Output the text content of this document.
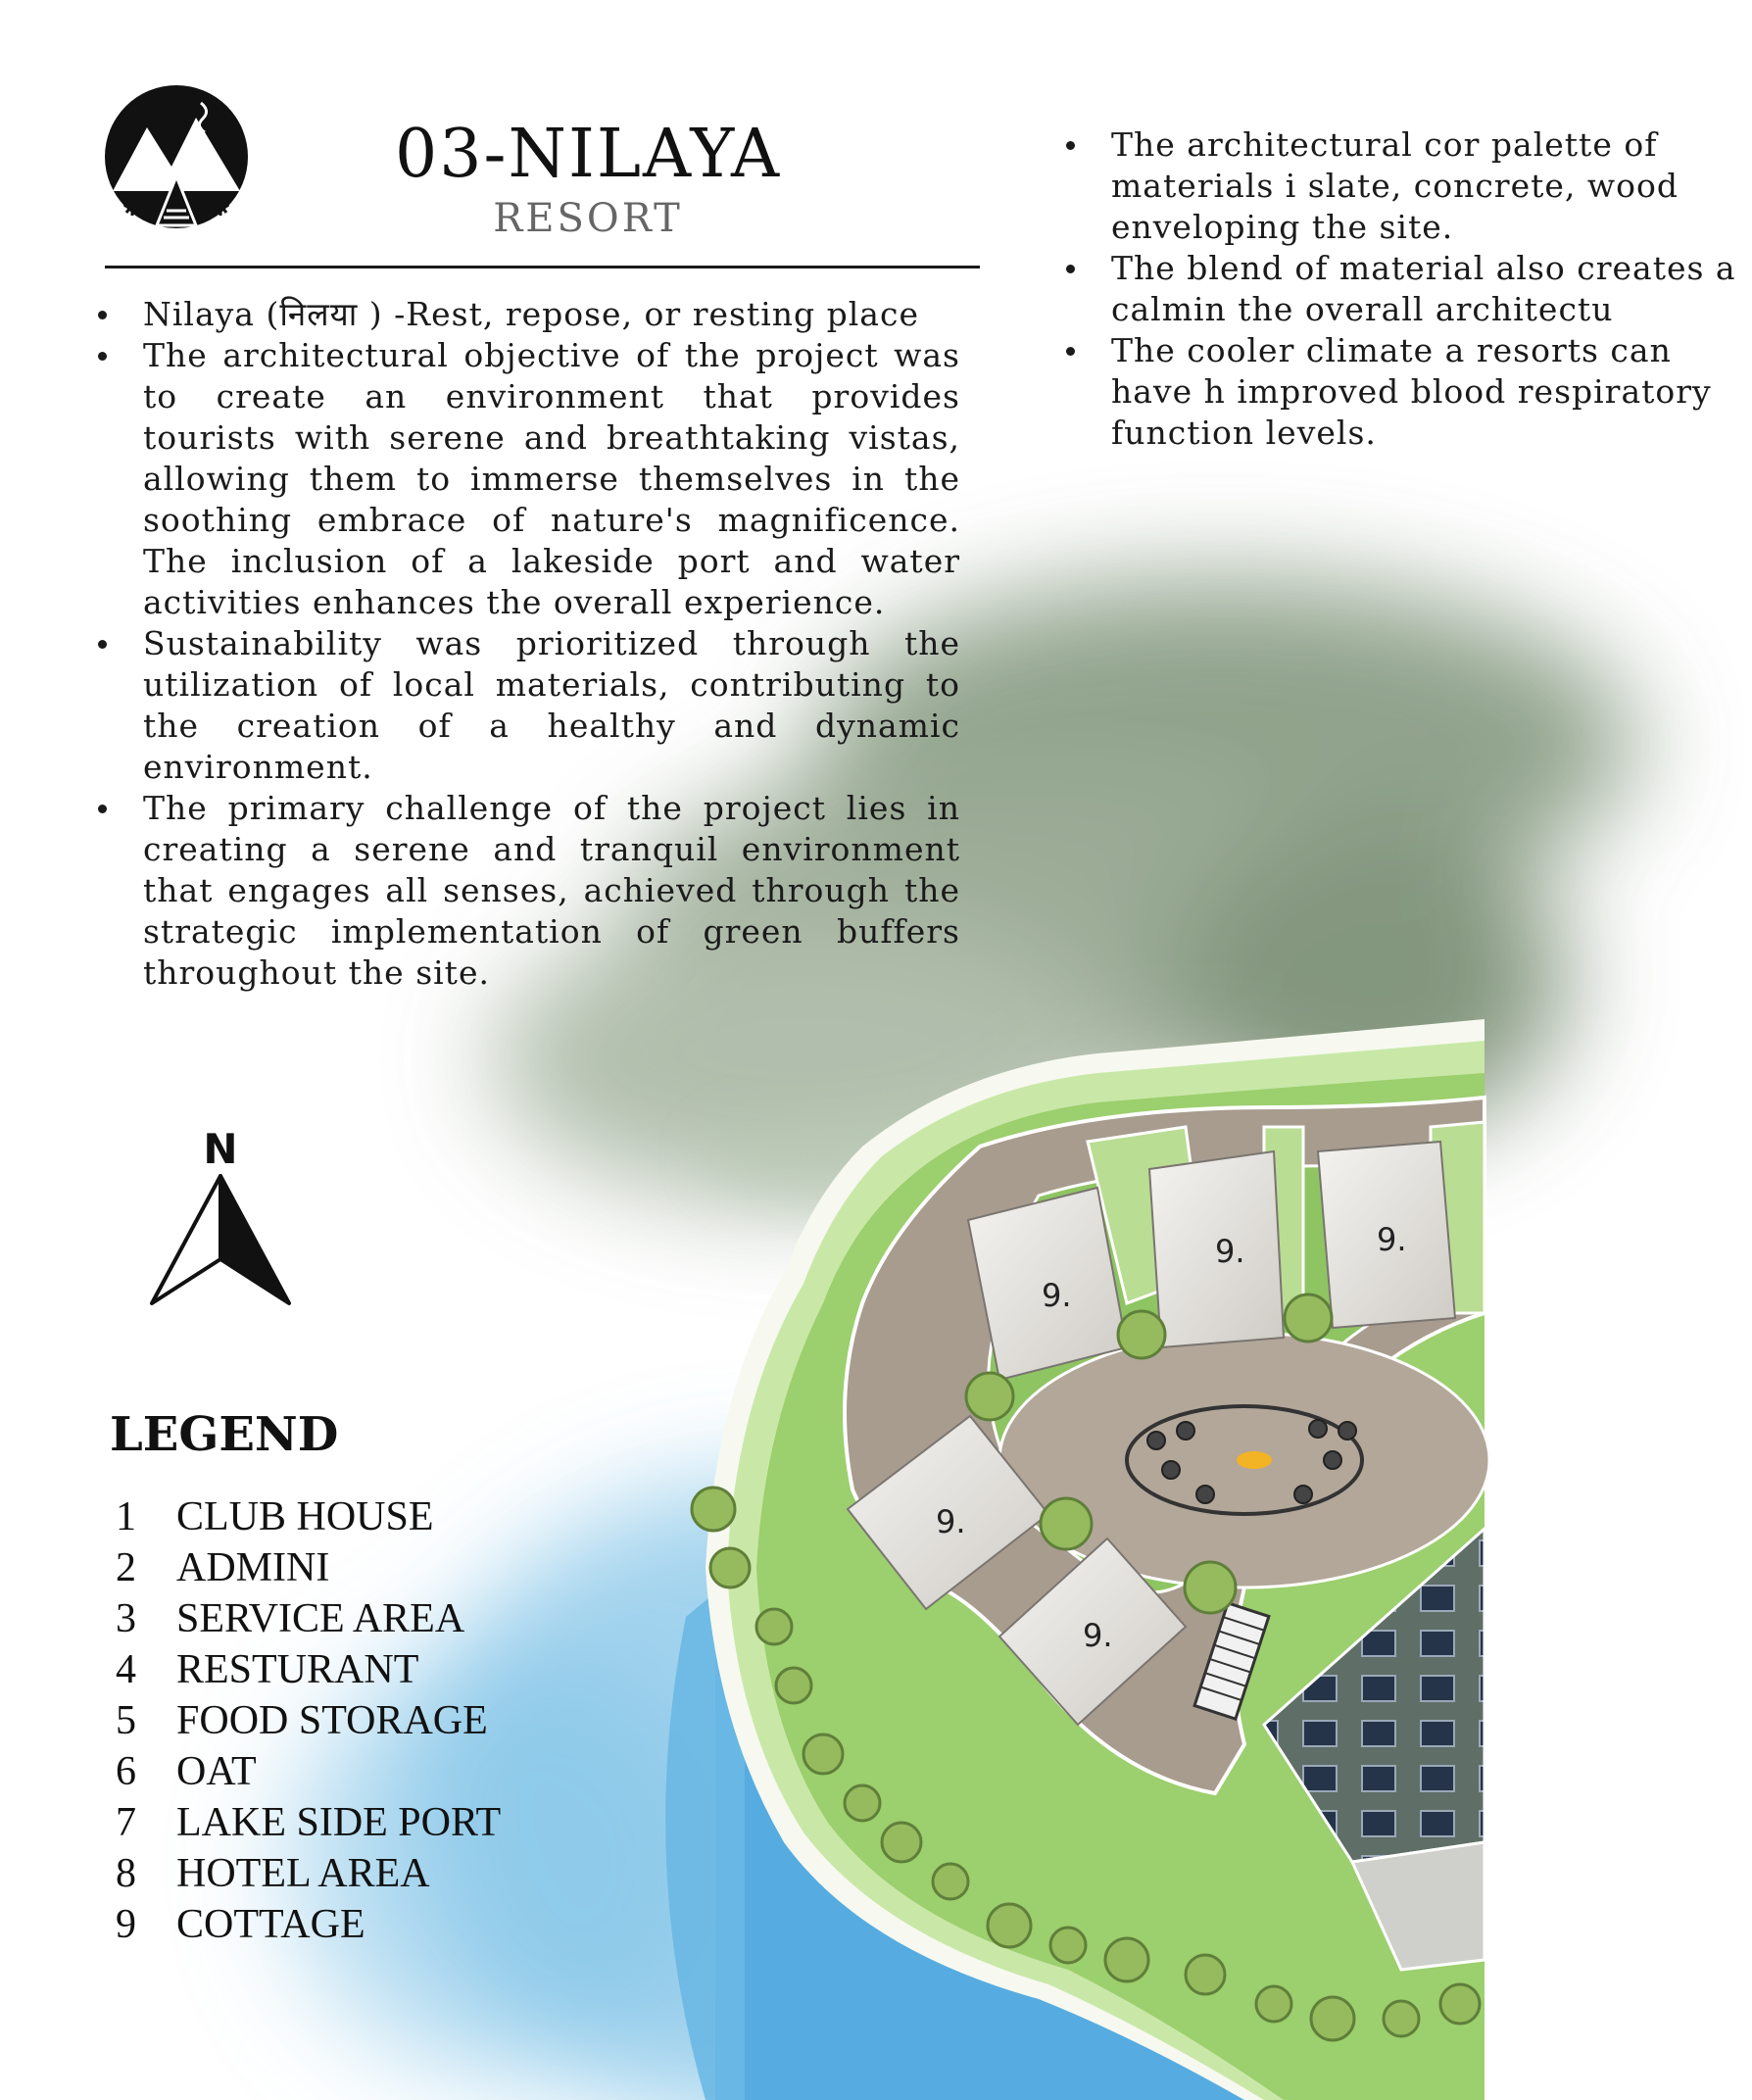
9.
9.	9.
9.
9.
03-NILAYA
RESORT
Nilaya (निलया ) -Rest, repose, or resting place
The architectural objective of the project was to create an environment that provides tourists with serene and breathtaking vistas, allowing them to immerse themselves in the soothing embrace of nature's magnificence. The inclusion of a lakeside port and water activities enhances the overall experience.
Sustainability was prioritized through the utilization of local materials, contributing to the creation of a healthy and dynamic environment.
The primary challenge of the project lies in creating a serene and tranquil environment that engages all senses, achieved through the strategic implementation of green buffers throughout the site.
The architectural cor palette of materials i slate, concrete, wood enveloping the site.
The blend of material also creates a calmin the overall architectu
The cooler climate a resorts can have h improved blood respiratory function levels.
N
LEGEND
1 CLUB HOUSE
2 ADMINI
3 SERVICE AREA
4 RESTURANT
5 FOOD STORAGE
6 OAT
7 LAKE SIDE PORT
8 HOTEL AREA
9 COTTAGE
